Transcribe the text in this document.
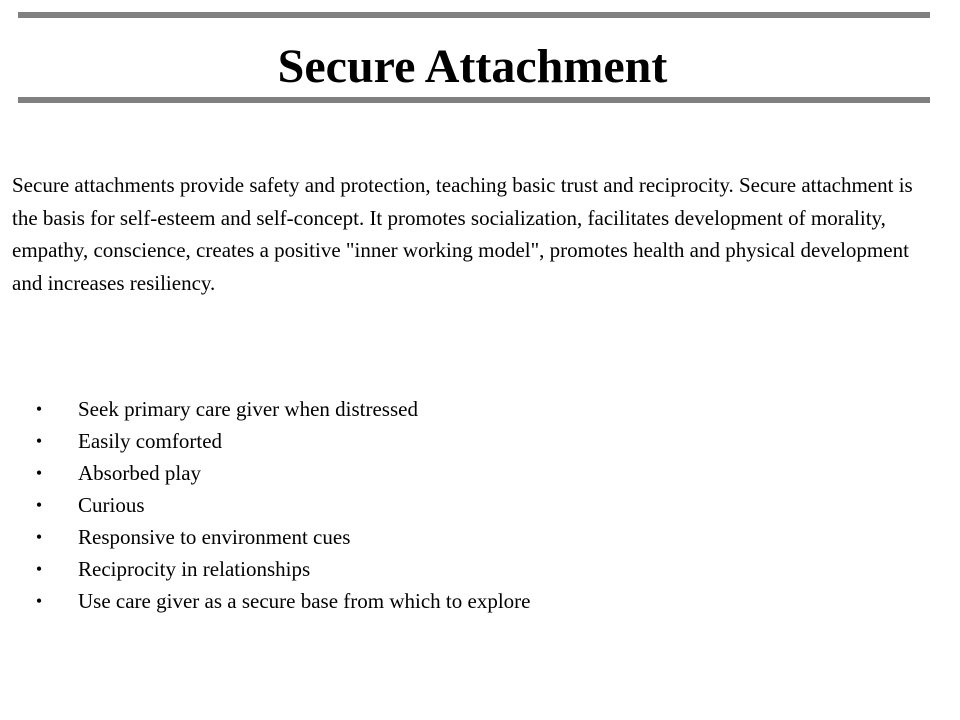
Secure Attachment

Secure attachments provide safety and protection, teaching basic trust and reciprocity. Secure attachment is the basis for self-esteem and self-concept. It promotes socialization, facilitates development of morality, empathy, conscience, creates a positive "inner working model", promotes health and physical development and increases resiliency.

• Seek primary care giver when distressed
• Easily comforted
• Absorbed play
• Curious
• Responsive to environment cues
• Reciprocity in relationships
• Use care giver as a secure base from which to explore
